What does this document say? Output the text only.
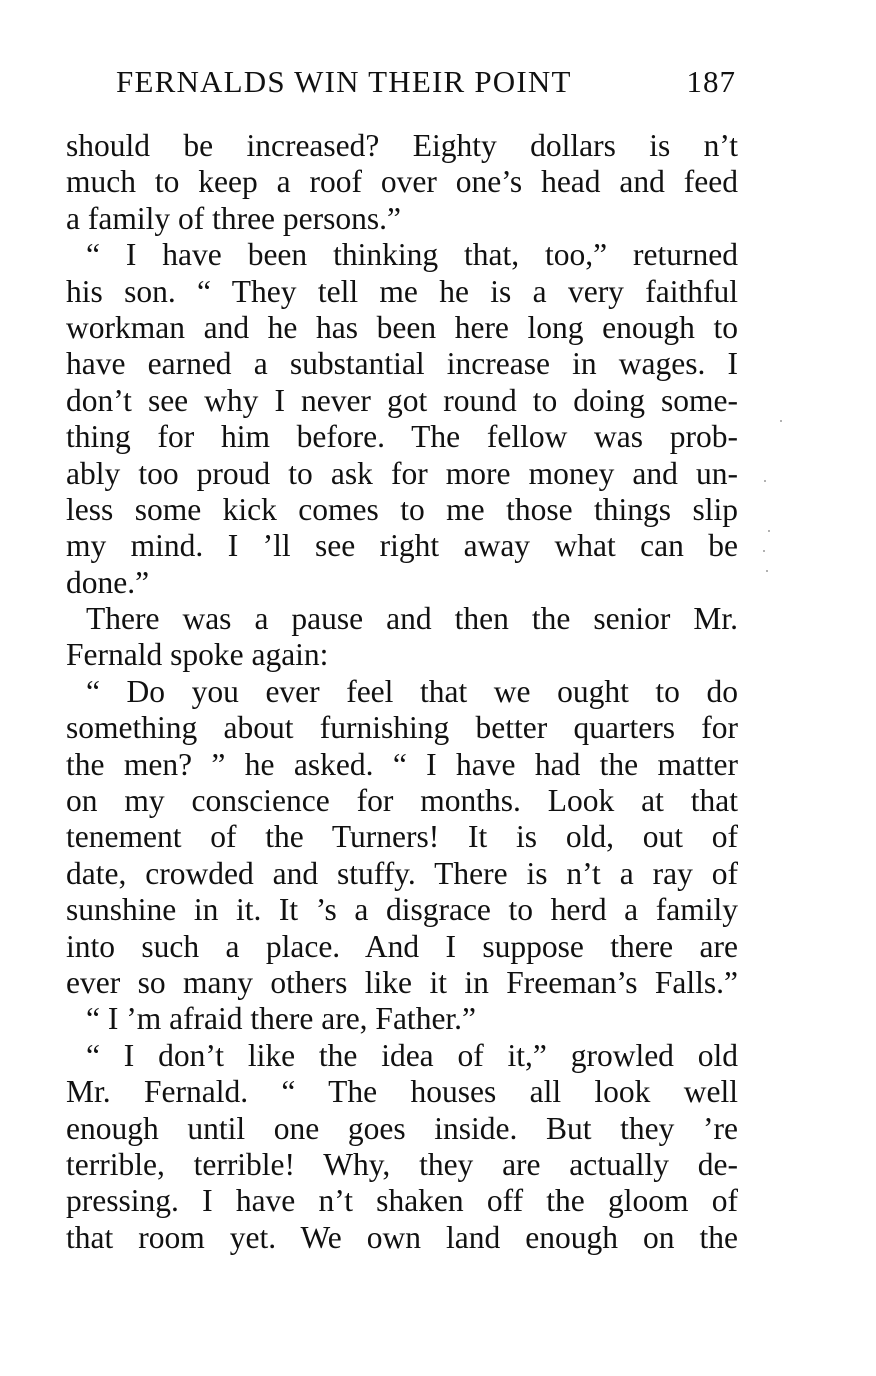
FERNALDS WIN THEIR POINT	187
should be increased? Eighty dollars is n’t
much to keep a roof over one’s head and feed
a family of three persons.”
“ I have been thinking that, too,” returned
his son. “ They tell me he is a very faithful
workman and he has been here long enough to
have earned a substantial increase in wages. I
don’t see why I never got round to doing some-
thing for him before. The fellow was prob-
ably too proud to ask for more money and un-
less some kick comes to me those things slip
my mind. I ’ll see right away what can be
done.”
There was a pause and then the senior Mr.
Fernald spoke again:
“ Do you ever feel that we ought to do
something about furnishing better quarters for
the men? ” he asked. “ I have had the matter
on my conscience for months. Look at that
tenement of the Turners! It is old, out of
date, crowded and stuffy. There is n’t a ray of
sunshine in it. It ’s a disgrace to herd a family
into such a place. And I suppose there are
ever so many others like it in Freeman’s Falls.”
“ I ’m afraid there are, Father.”
“ I don’t like the idea of it,” growled old
Mr. Fernald. “ The houses all look well
enough until one goes inside. But they ’re
terrible, terrible! Why, they are actually de-
pressing. I have n’t shaken off the gloom of
that room yet. We own land enough on the
